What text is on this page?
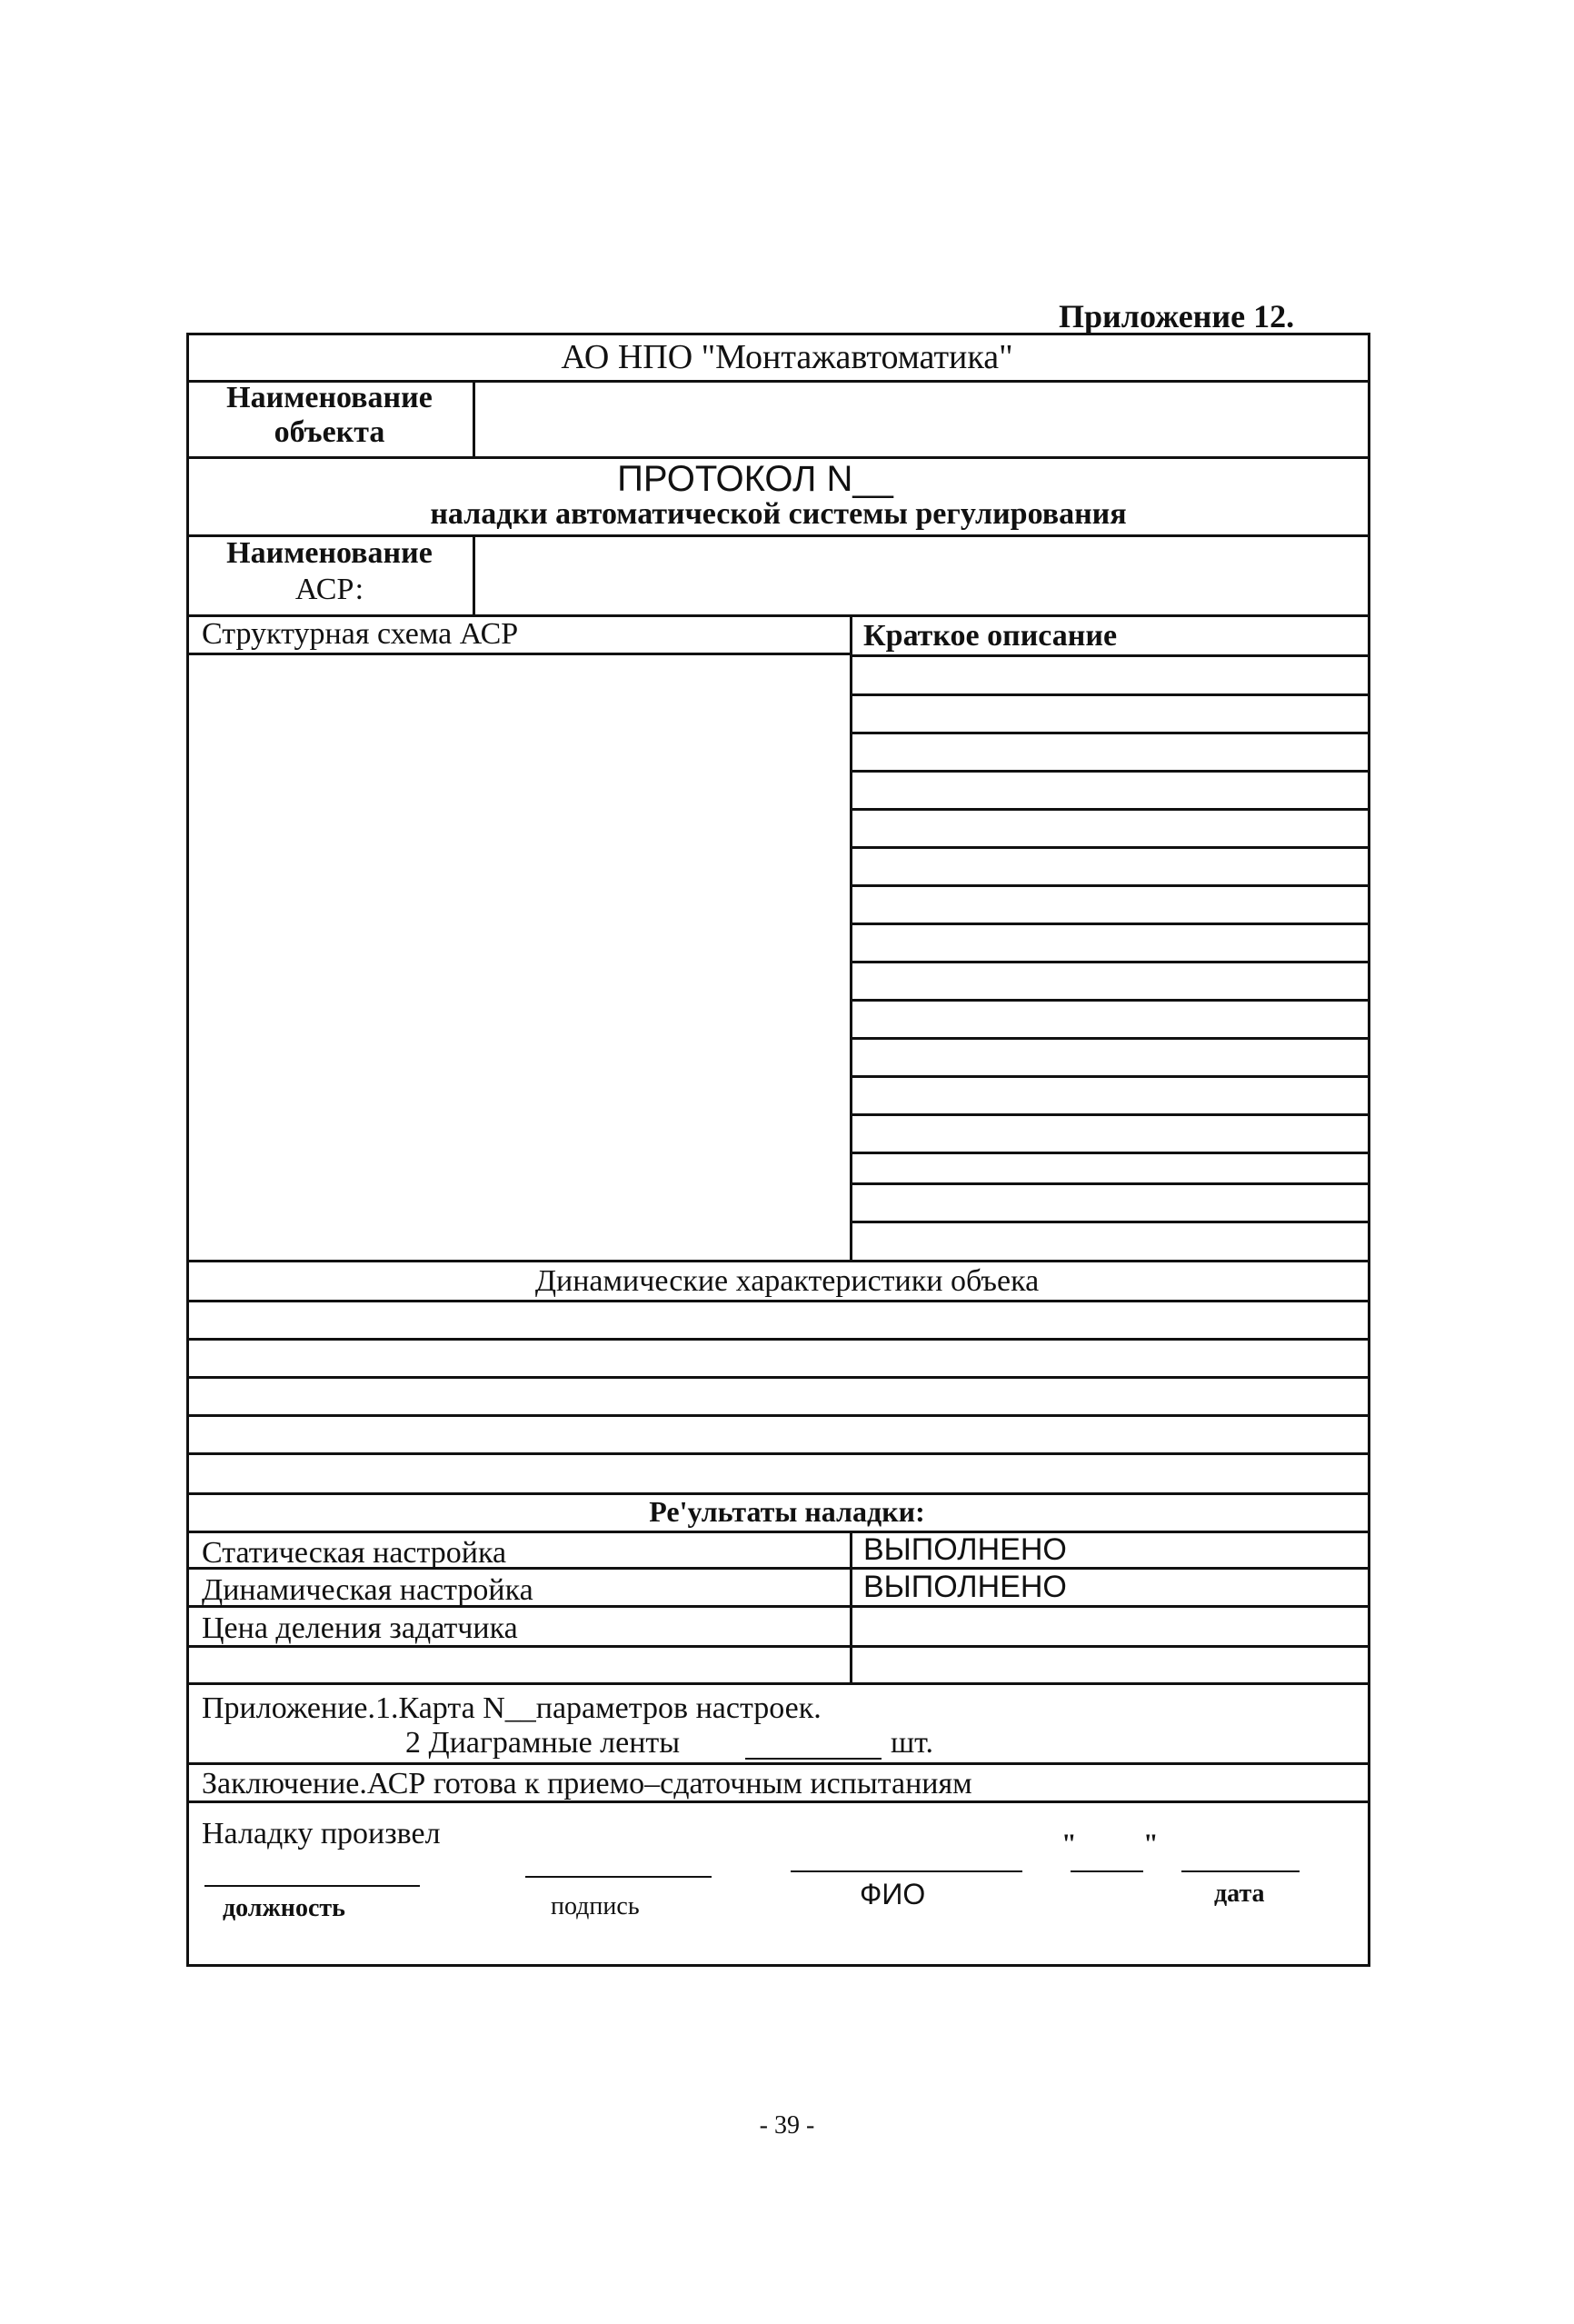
Приложение 12.
АО НПО "Монтажавтоматика"
Наименование
объекта
ПРОТОКОЛ N__
наладки автоматической системы регулирования
Наименование
АСР:
Структурная схема АСР	Краткое описание
Динамические характеристики объека
Ре'ультаты наладки:
Статическая настройка	ВЫПОЛНЕНО
Динамическая настройка	ВЫПОЛНЕНО
Цена деления задатчика
Приложение.1.Карта N__параметров настроек.
2 Диаграмные ленты	шт.
Заключение.АСР готова к приемо–сдаточным испытаниям
Наладку произвел	" "
должность	подпись	ФИО	дата
- 39 -
